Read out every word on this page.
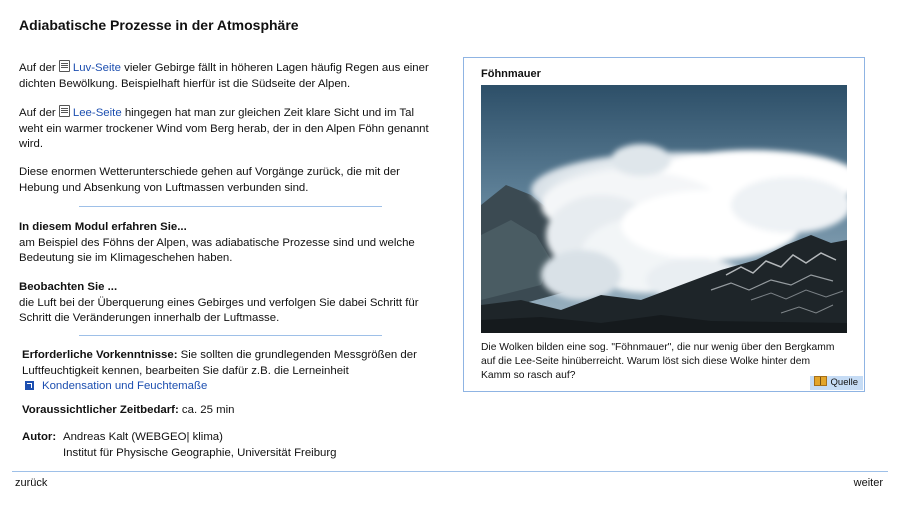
Adiabatische Prozesse in der Atmosphäre

Auf der Luv-Seite vieler Gebirge fällt in höheren Lagen häufig Regen aus einer dichten Bewölkung. Beispielhaft hierfür ist die Südseite der Alpen.

Auf der Lee-Seite hingegen hat man zur gleichen Zeit klare Sicht und im Tal weht ein warmer trockener Wind vom Berg herab, der in den Alpen Föhn genannt wird.

Diese enormen Wetterunterschiede gehen auf Vorgänge zurück, die mit der Hebung und Absenkung von Luftmassen verbunden sind.

In diesem Modul erfahren Sie...
am Beispiel des Föhns der Alpen, was adiabatische Prozesse sind und welche Bedeutung sie im Klimageschehen haben.
Beobachten Sie ...
die Luft bei der Überquerung eines Gebirges und verfolgen Sie dabei Schritt für Schritt die Veränderungen innerhalb der Luftmasse.
Erforderliche Vorkenntnisse: Sie sollten die grundlegenden Messgrößen der Luftfeuchtigkeit kennen, bearbeiten Sie dafür z.B. die Lerneinheit
Kondensation und Feuchtemaße
Voraussichtlicher Zeitbedarf: ca. 25 min
Autor: Andreas Kalt (WEBGEO| klima)
Institut für Physische Geographie, Universität Freiburg
Föhnmauer
Die Wolken bilden eine sog. "Föhnmauer", die nur wenig über den Bergkamm auf die Lee-Seite hinüberreicht. Warum löst sich diese Wolke hinter dem Kamm so rasch auf?
Quelle
zurück	weiter
